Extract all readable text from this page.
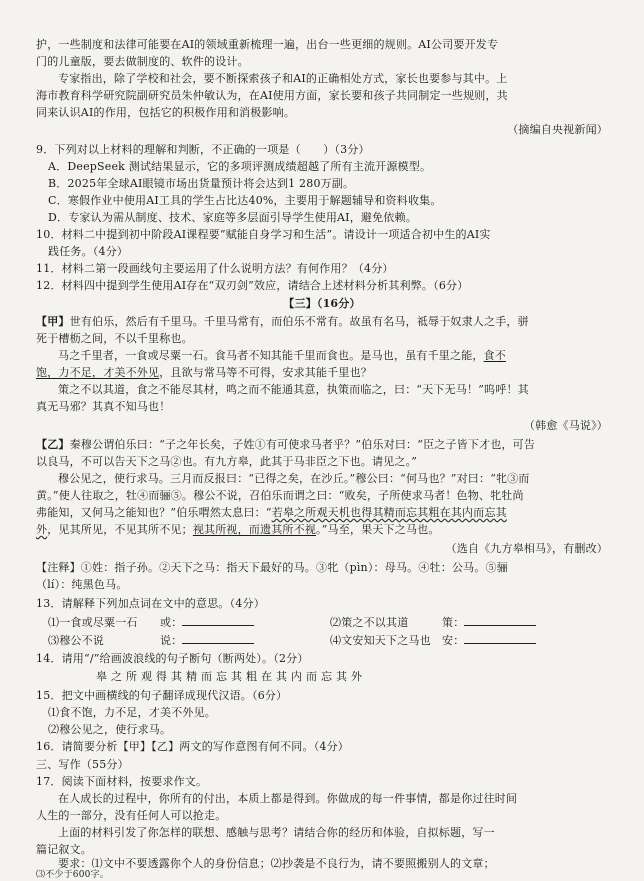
护，一些制度和法律可能要在AI的领域重新梳理一遍，出台一些更细的规则。AI公司要开发专
门的儿童版，要去做制度的、软件的设计。
专家指出，除了学校和社会，要不断探索孩子和AI的正确相处方式，家长也要参与其中。上
海市教育科学研究院副研究员朱仲敏认为，在AI使用方面，家长要和孩子共同制定一些规则，共
同来认识AI的作用，包括它的积极作用和消极影响。
（摘编自央视新闻）
9．下列对以上材料的理解和判断，不正确的一项是（　　）（3分）
A．DeepSeek 测试结果显示，它的多项评测成绩超越了所有主流开源模型。
B．2025年全球AI眼镜市场出货量预计将会达到1 280万副。
C．寒假作业中使用AI工具的学生占比达40%，主要用于解题辅导和资料收集。
D．专家认为需从制度、技术、家庭等多层面引导学生使用AI，避免依赖。
10．材料二中提到初中阶段AI课程要“赋能自身学习和生活”。请设计一项适合初中生的AI实
践任务。（4分）
11．材料二第一段画线句主要运用了什么说明方法？有何作用？（4分）
12．材料四中提到学生使用AI存在“双刃剑”效应，请结合上述材料分析其利弊。（6分）
【三】（16分）
【甲】世有伯乐，然后有千里马。千里马常有，而伯乐不常有。故虽有名马，祗辱于奴隶人之手，骈
死于槽枥之间，不以千里称也。
马之千里者，一食或尽粟一石。食马者不知其能千里而食也。是马也，虽有千里之能，食不
饱，力不足，才美不外见，且欲与常马等不可得，安求其能千里也？
策之不以其道，食之不能尽其材，鸣之而不能通其意，执策而临之，曰：“天下无马！”呜呼！其
真无马邪？其真不知马也！
（韩愈《马说》）
【乙】秦穆公谓伯乐曰：“子之年长矣，子姓①有可使求马者乎？”伯乐对曰：“臣之子皆下才也，可告
以良马，不可以告天下之马②也。有九方皋，此其于马非臣之下也。请见之。”
穆公见之，使行求马。三月而反报曰：“已得之矣，在沙丘。”穆公曰：“何马也？”对曰：“牝③而
黄。”使人往取之，牡④而骊⑤。穆公不说，召伯乐而谓之曰：“败矣，子所使求马者！色物、牝牡尚
弗能知，又何马之能知也？”伯乐喟然太息曰：“若皋之所观天机也得其精而忘其粗在其内而忘其
外，见其所见，不见其所不见；视其所视，而遗其所不视。”马至，果天下之马也。
（选自《九方皋相马》，有删改）
【注释】①姓：指子孙。②天下之马：指天下最好的马。③牝（pìn）：母马。④牡：公马。⑤骊
（lí）：纯黑色马。
13．请解释下列加点词在文中的意思。（4分）
⑴一食或尽粟一石　　或：	⑵策之不以其道　　　策：
⑶穆公不说　　　　　说：	⑷文安知天下之马也　安：
14．请用“/”给画波浪线的句子断句（断两处）。（2分）
皋之所观得其精而忘其粗在其内而忘其外
15．把文中画横线的句子翻译成现代汉语。（6分）
⑴食不饱，力不足，才美不外见。
⑵穆公见之，使行求马。
16．请简要分析【甲】【乙】两文的写作意图有何不同。（4分）
三、写作（55分）
17．阅读下面材料，按要求作文。
在人成长的过程中，你所有的付出，本质上都是得到。你做成的每一件事情，都是你过往时间
人生的一部分，没有任何人可以抢走。
上面的材料引发了你怎样的联想、感触与思考？请结合你的经历和体验，自拟标题，写一
篇记叙文。
要求：⑴文中不要透露你个人的身份信息；⑵抄袭是不良行为，请不要照搬别人的文章；
⑶不少于600字。
